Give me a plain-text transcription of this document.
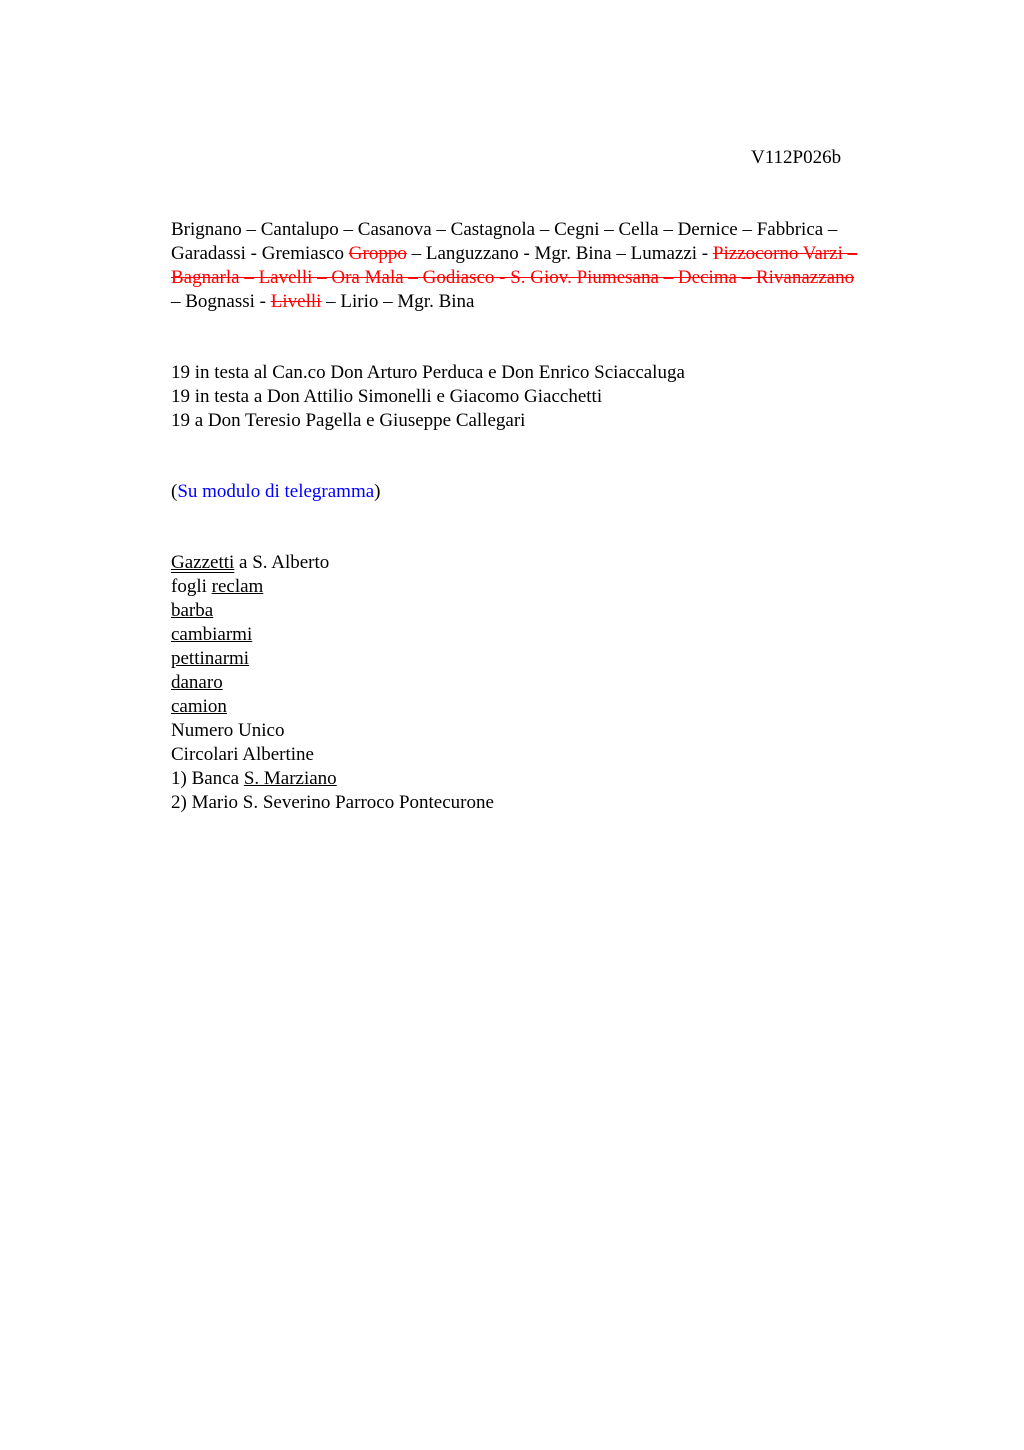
V112P026b
Brignano – Cantalupo – Casanova – Castagnola – Cegni – Cella – Dernice – Fabbrica –
Garadassi - Gremiasco Groppo – Languzzano - Mgr. Bina – Lumazzi - Pizzocorno Varzi –
Bagnarla – Lavelli – Ora Mala – Godiasco - S. Giov. Piumesana – Decima – Rivanazzano
– Bognassi - Livelli – Lirio – Mgr. Bina
19 in testa al Can.co Don Arturo Perduca e Don Enrico Sciaccaluga
19 in testa a Don Attilio Simonelli e Giacomo Giacchetti
19 a Don Teresio Pagella e Giuseppe Callegari
(Su modulo di telegramma)
Gazzetti a S. Alberto
fogli reclam
barba
cambiarmi
pettinarmi
danaro
camion
Numero Unico
Circolari Albertine
1) Banca S. Marziano
2) Mario S. Severino Parroco Pontecurone
